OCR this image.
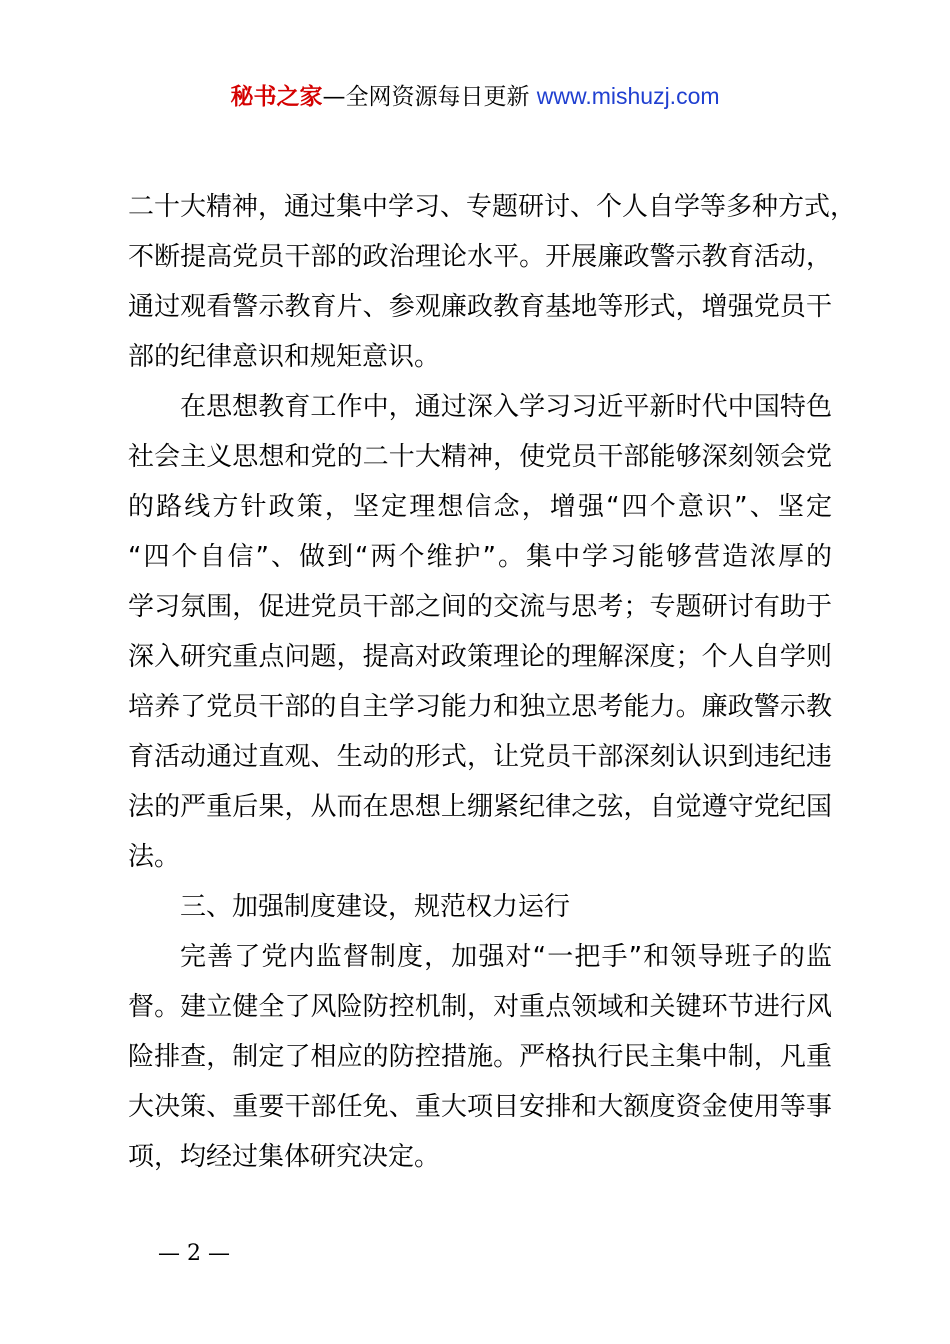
秘书之家—全网资源每日更新 www.mishuzj.com
二十大精神，通过集中学习、专题研讨、个人自学等多种方式，
不断提高党员干部的政治理论水平。开展廉政警示教育活动，
通过观看警示教育片、参观廉政教育基地等形式，增强党员干
部的纪律意识和规矩意识。
在思想教育工作中，通过深入学习习近平新时代中国特色
社会主义思想和党的二十大精神，使党员干部能够深刻领会党
的路线方针政策，坚定理想信念，增强“四个意识”、坚定
“四个自信”、做到“两个维护”。集中学习能够营造浓厚的
学习氛围，促进党员干部之间的交流与思考；专题研讨有助于
深入研究重点问题，提高对政策理论的理解深度；个人自学则
培养了党员干部的自主学习能力和独立思考能力。廉政警示教
育活动通过直观、生动的形式，让党员干部深刻认识到违纪违
法的严重后果，从而在思想上绷紧纪律之弦，自觉遵守党纪国
法。
三、加强制度建设，规范权力运行
完善了党内监督制度，加强对“一把手”和领导班子的监
督。建立健全了风险防控机制，对重点领域和关键环节进行风
险排查，制定了相应的防控措施。严格执行民主集中制，凡重
大决策、重要干部任免、重大项目安排和大额度资金使用等事
项，均经过集体研究决定。
— 2 —
